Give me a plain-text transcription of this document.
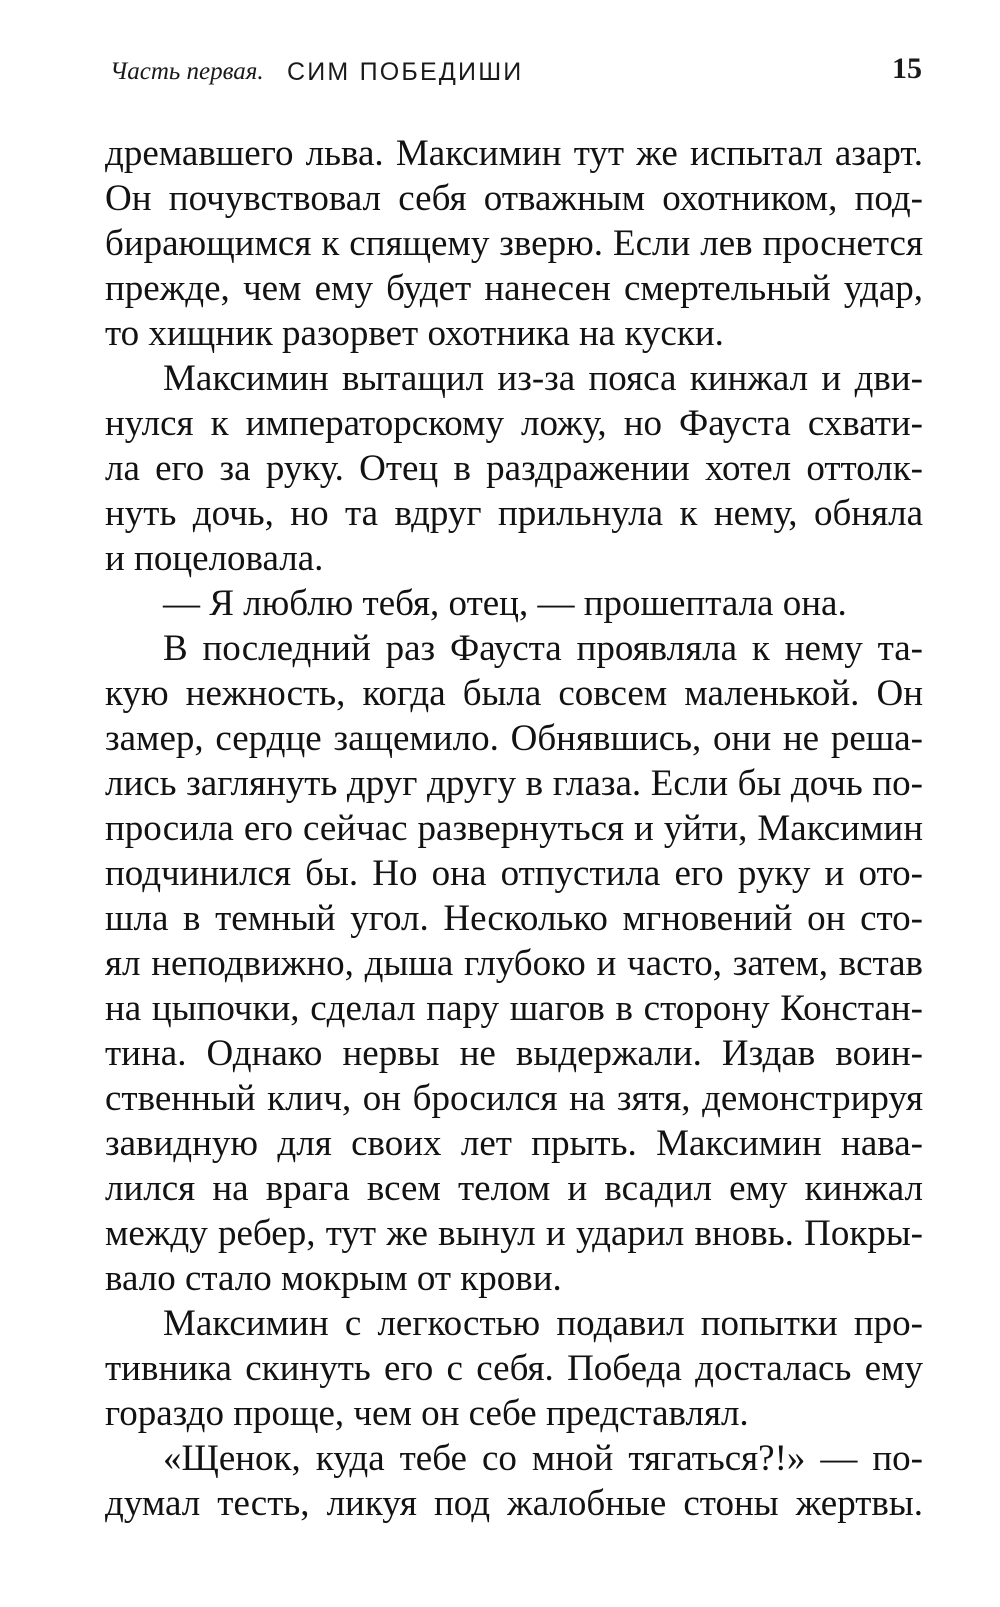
Часть первая. СИМ ПОБЕДИШИ	15
дремавшего льва. Максимин тут же испытал азарт.
Он почувствовал себя отважным охотником, под-
бирающимся к спящему зверю. Если лев проснется
прежде, чем ему будет нанесен смертельный удар,
то хищник разорвет охотника на куски.
Максимин вытащил из-за пояса кинжал и дви-
нулся к императорскому ложу, но Фауста схвати-
ла его за руку. Отец в раздражении хотел оттолк-
нуть дочь, но та вдруг прильнула к нему, обняла
и поцеловала.
— Я люблю тебя, отец, — прошептала она.
В последний раз Фауста проявляла к нему та-
кую нежность, когда была совсем маленькой. Он
замер, сердце защемило. Обнявшись, они не реша-
лись заглянуть друг другу в глаза. Если бы дочь по-
просила его сейчас развернуться и уйти, Максимин
подчинился бы. Но она отпустила его руку и ото-
шла в темный угол. Несколько мгновений он сто-
ял неподвижно, дыша глубоко и часто, затем, встав
на цыпочки, сделал пару шагов в сторону Констан-
тина. Однако нервы не выдержали. Издав воин-
ственный клич, он бросился на зятя, демонстрируя
завидную для своих лет прыть. Максимин нава-
лился на врага всем телом и всадил ему кинжал
между ребер, тут же вынул и ударил вновь. Покры-
вало стало мокрым от крови.
Максимин с легкостью подавил попытки про-
тивника скинуть его с себя. Победа досталась ему
гораздо проще, чем он себе представлял.
«Щенок, куда тебе со мной тягаться?!» — по-
думал тесть, ликуя под жалобные стоны жертвы.
